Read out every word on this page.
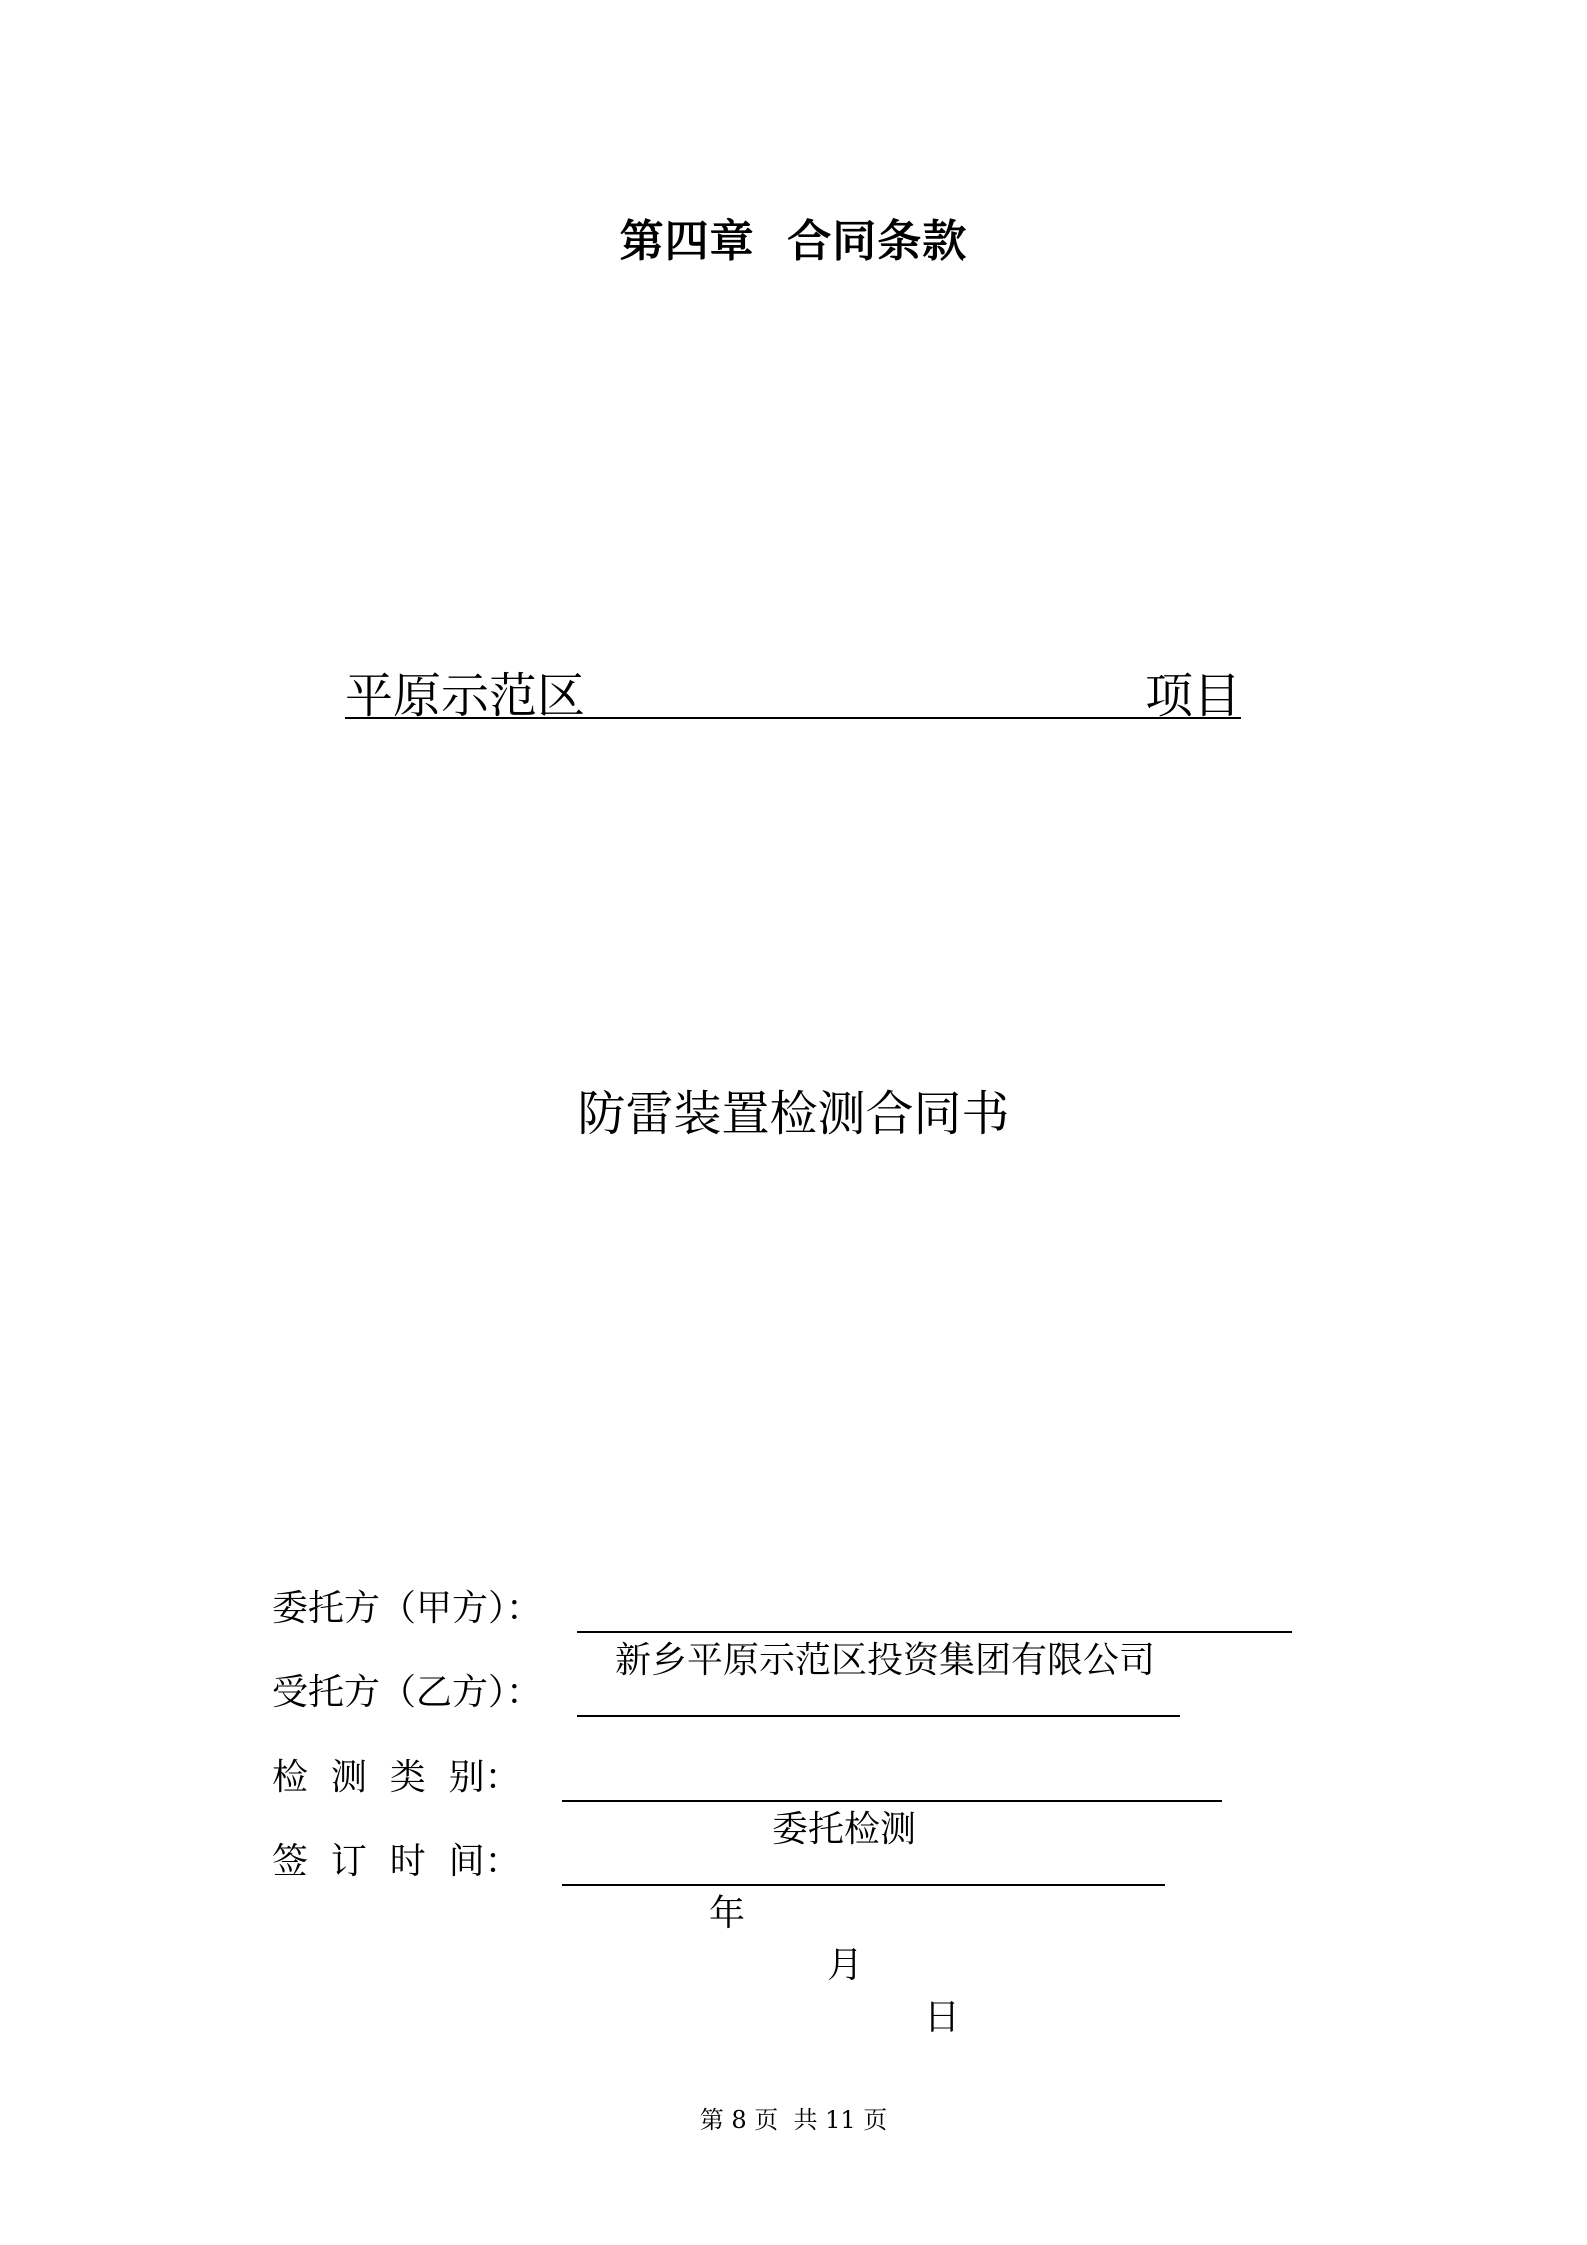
第四章  合同条款
平原示范区	项目
防雷装置检测合同书
委托方（甲方）：

新乡平原示范区投资集团有限公司

受托方（乙方）：

检  测  类  别：

委托检测

签  订  时  间：

年

月

日

第 8 页  共 11 页
